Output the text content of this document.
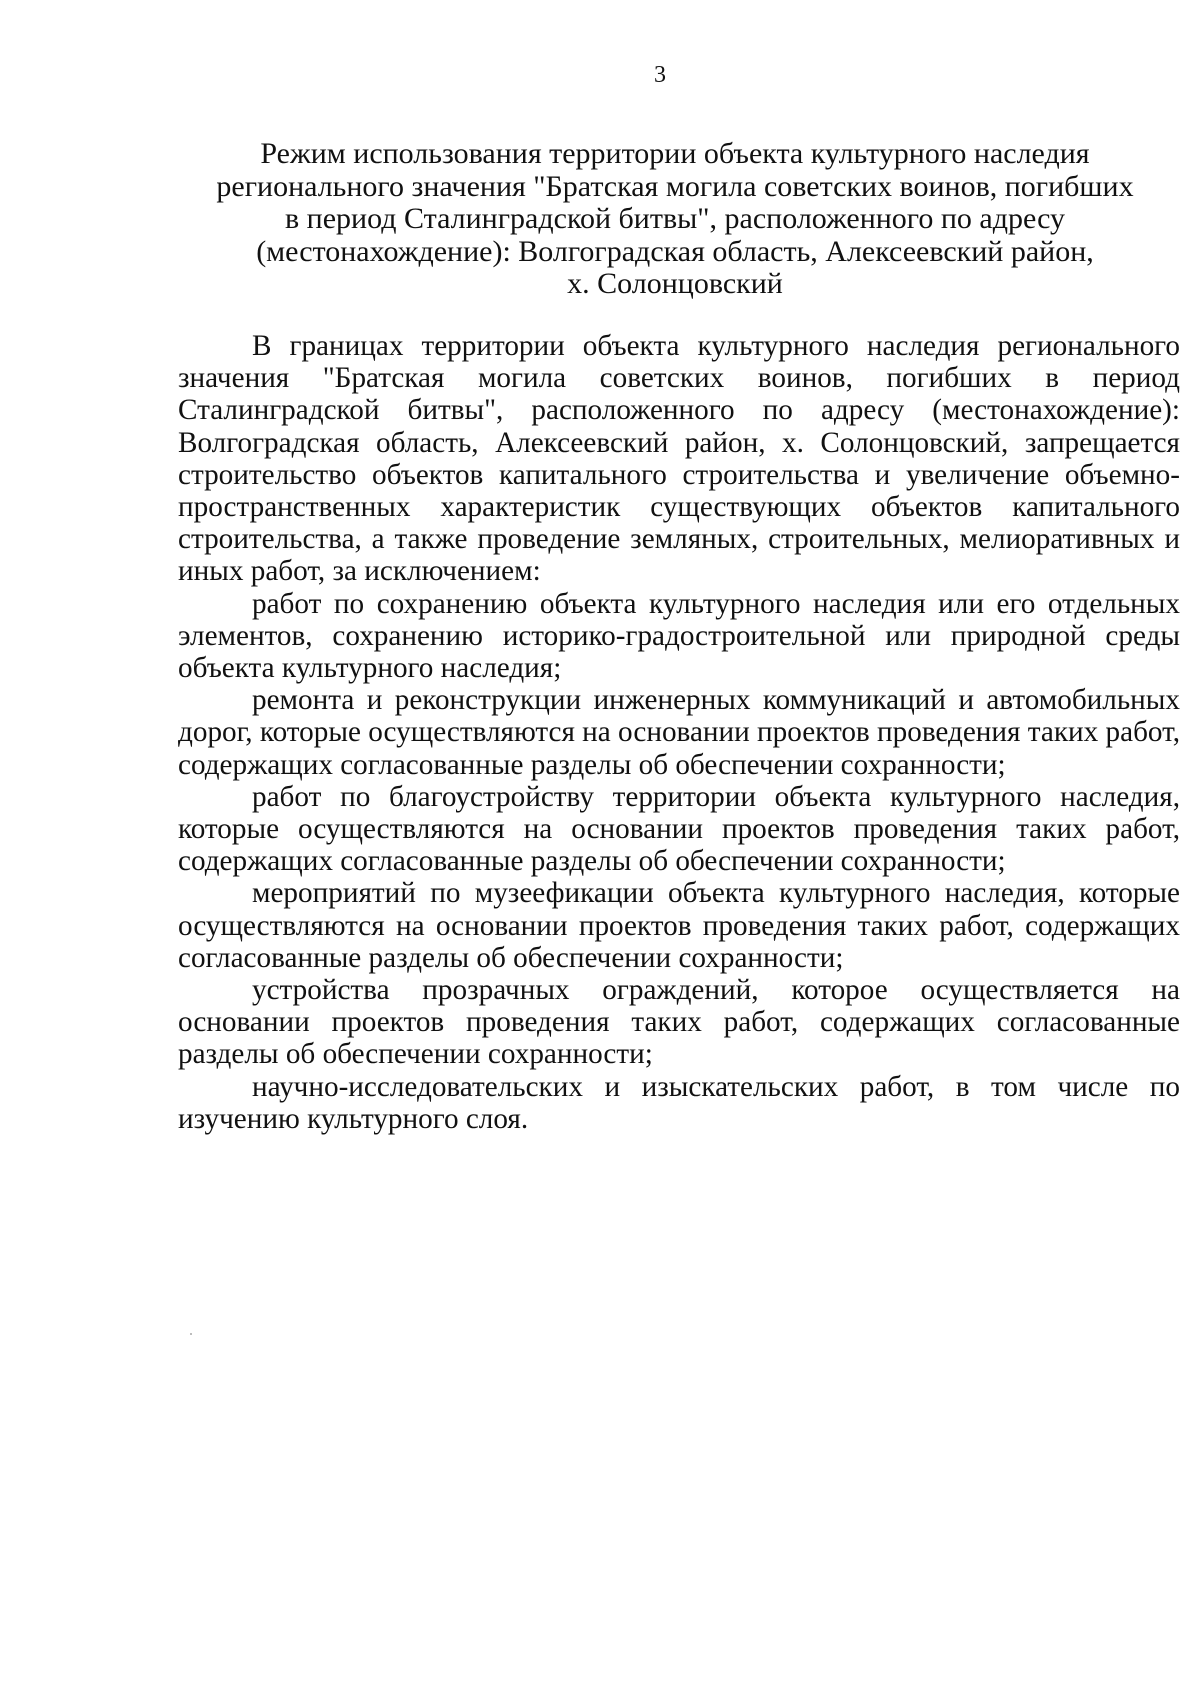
3
Режим использования территории объекта культурного наследия
регионального значения "Братская могила советских воинов, погибших
в период Сталинградской битвы", расположенного по адресу
(местонахождение): Волгоградская область, Алексеевский район,
х. Солонцовский

В границах территории объекта культурного наследия регионального значения "Братская могила советских воинов, погибших в период Сталинградской битвы", расположенного по адресу (местонахождение): Волгоградская область, Алексеевский район, х. Солонцовский, запрещается строительство объектов капитального строительства и увеличение объемно-пространственных характеристик существующих объектов капитального строительства, а также проведение земляных, строительных, мелиоративных и иных работ, за исключением:

работ по сохранению объекта культурного наследия или его отдельных элементов, сохранению историко-градостроительной или природной среды объекта культурного наследия;

ремонта и реконструкции инженерных коммуникаций и автомобильных дорог, которые осуществляются на основании проектов проведения таких работ, содержащих согласованные разделы об обеспечении сохранности;

работ по благоустройству территории объекта культурного наследия, которые осуществляются на основании проектов проведения таких работ, содержащих согласованные разделы об обеспечении сохранности;

мероприятий по музеефикации объекта культурного наследия, которые осуществляются на основании проектов проведения таких работ, содержащих согласованные разделы об обеспечении сохранности;

устройства прозрачных ограждений, которое осуществляется на основании проектов проведения таких работ, содержащих согласованные разделы об обеспечении сохранности;

научно-исследовательских и изыскательских работ, в том числе по изучению культурного слоя.
